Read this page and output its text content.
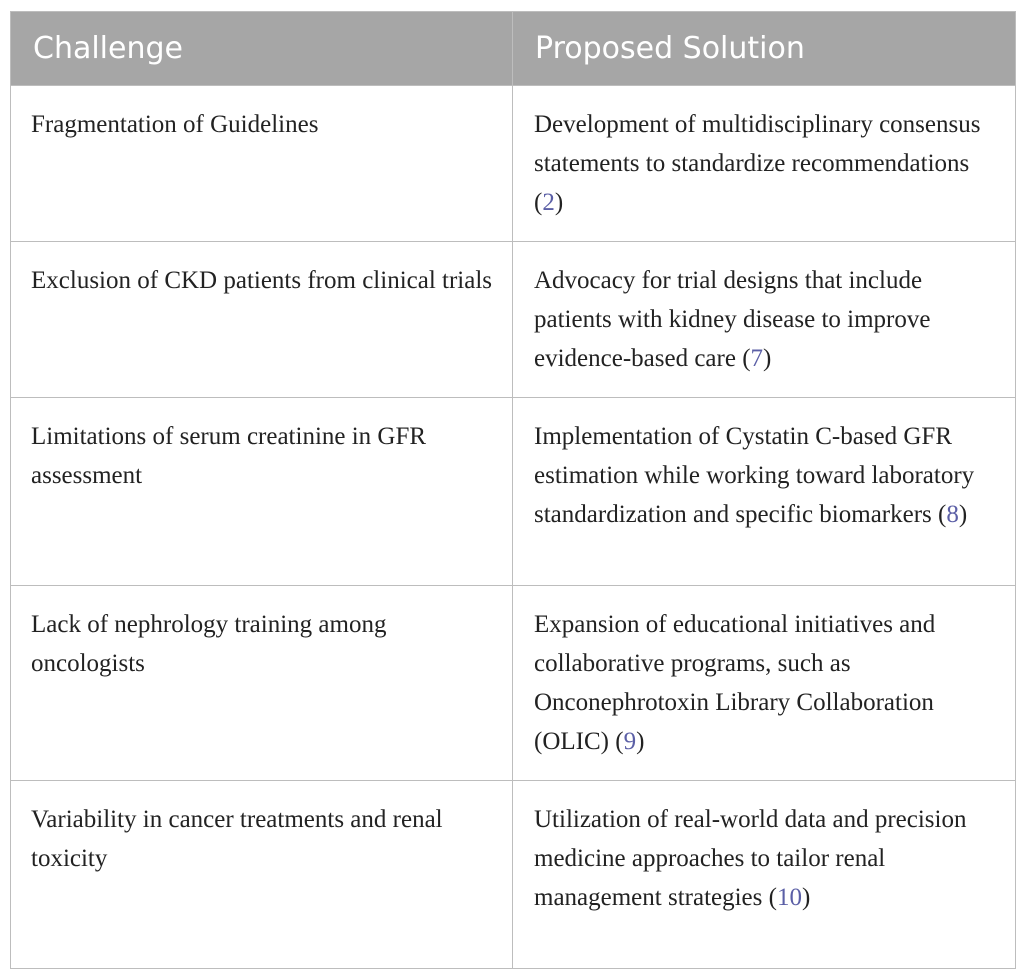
Challenge	Proposed Solution
Fragmentation of Guidelines	Development of multidisciplinary consensus statements to standardize recommendations (2)
Exclusion of CKD patients from clinical trials	Advocacy for trial designs that include patients with kidney disease to improve evidence-based care (7)
Limitations of serum creatinine in GFR assessment	Implementation of Cystatin C-based GFR estimation while working toward laboratory standardization and specific biomarkers (8)
Lack of nephrology training among oncologists	Expansion of educational initiatives and collaborative programs, such as Onconephrotoxin Library Collaboration (OLIC) (9)
Variability in cancer treatments and renal toxicity	Utilization of real-world data and precision medicine approaches to tailor renal management strategies (10)
